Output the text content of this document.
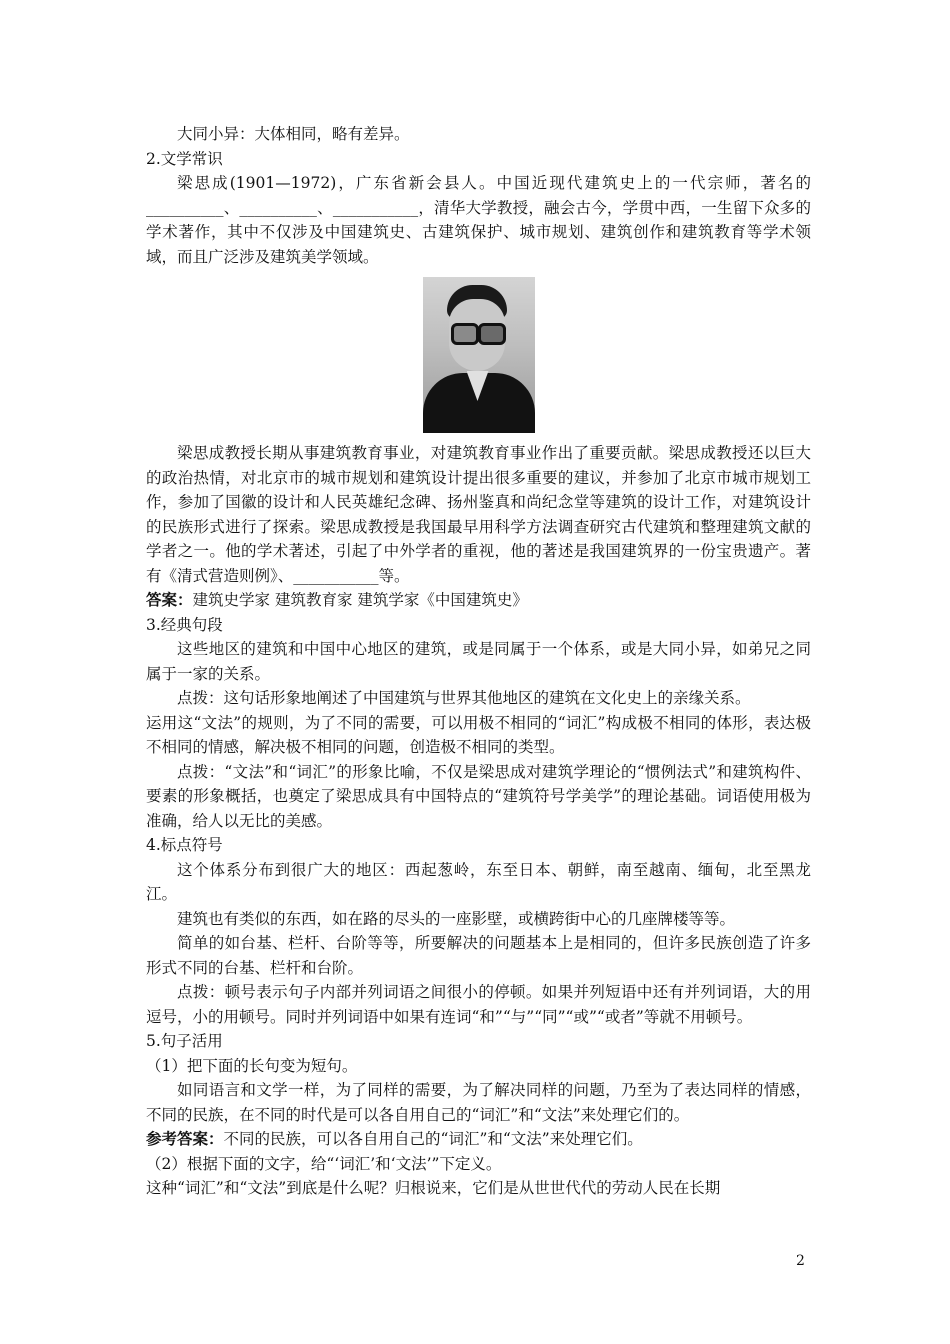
大同小异：大体相同，略有差异。

2.文学常识

梁思成(1901—1972)，广东省新会县人。中国近现代建筑史上的一代宗师，著名的__________、__________、___________，清华大学教授，融会古今，学贯中西，一生留下众多的学术著作，其中不仅涉及中国建筑史、古建筑保护、城市规划、建筑创作和建筑教育等学术领域，而且广泛涉及建筑美学领域。

梁思成教授长期从事建筑教育事业，对建筑教育事业作出了重要贡献。梁思成教授还以巨大的政治热情，对北京市的城市规划和建筑设计提出很多重要的建议，并参加了北京市城市规划工作，参加了国徽的设计和人民英雄纪念碑、扬州鉴真和尚纪念堂等建筑的设计工作，对建筑设计的民族形式进行了探索。梁思成教授是我国最早用科学方法调查研究古代建筑和整理建筑文献的学者之一。他的学术著述，引起了中外学者的重视，他的著述是我国建筑界的一份宝贵遗产。著有《清式营造则例》、___________等。

答案：建筑史学家 建筑教育家 建筑学家《中国建筑史》

3.经典句段

这些地区的建筑和中国中心地区的建筑，或是同属于一个体系，或是大同小异，如弟兄之同属于一家的关系。

点拨：这句话形象地阐述了中国建筑与世界其他地区的建筑在文化史上的亲缘关系。

运用这“文法”的规则，为了不同的需要，可以用极不相同的“词汇”构成极不相同的体形，表达极不相同的情感，解决极不相同的问题，创造极不相同的类型。

点拨：“文法”和“词汇”的形象比喻，不仅是梁思成对建筑学理论的“惯例法式”和建筑构件、要素的形象概括，也奠定了梁思成具有中国特点的“建筑符号学美学”的理论基础。词语使用极为准确，给人以无比的美感。

4.标点符号

这个体系分布到很广大的地区：西起葱岭，东至日本、朝鲜，南至越南、缅甸，北至黑龙江。

建筑也有类似的东西，如在路的尽头的一座影壁，或横跨街中心的几座牌楼等等。

简单的如台基、栏杆、台阶等等，所要解决的问题基本上是相同的，但许多民族创造了许多形式不同的台基、栏杆和台阶。

点拨：顿号表示句子内部并列词语之间很小的停顿。如果并列短语中还有并列词语，大的用逗号，小的用顿号。同时并列词语中如果有连词“和”“与”“同”“或”“或者”等就不用顿号。

5.句子活用

（1）把下面的长句变为短句。

如同语言和文学一样，为了同样的需要，为了解决同样的问题，乃至为了表达同样的情感，不同的民族，在不同的时代是可以各自用自己的“词汇”和“文法”来处理它们的。

参考答案：不同的民族，可以各自用自己的“词汇”和“文法”来处理它们。

（2）根据下面的文字，给“‘词汇’和‘文法’”下定义。

这种“词汇”和“文法”到底是什么呢？归根说来，它们是从世世代代的劳动人民在长期

2
